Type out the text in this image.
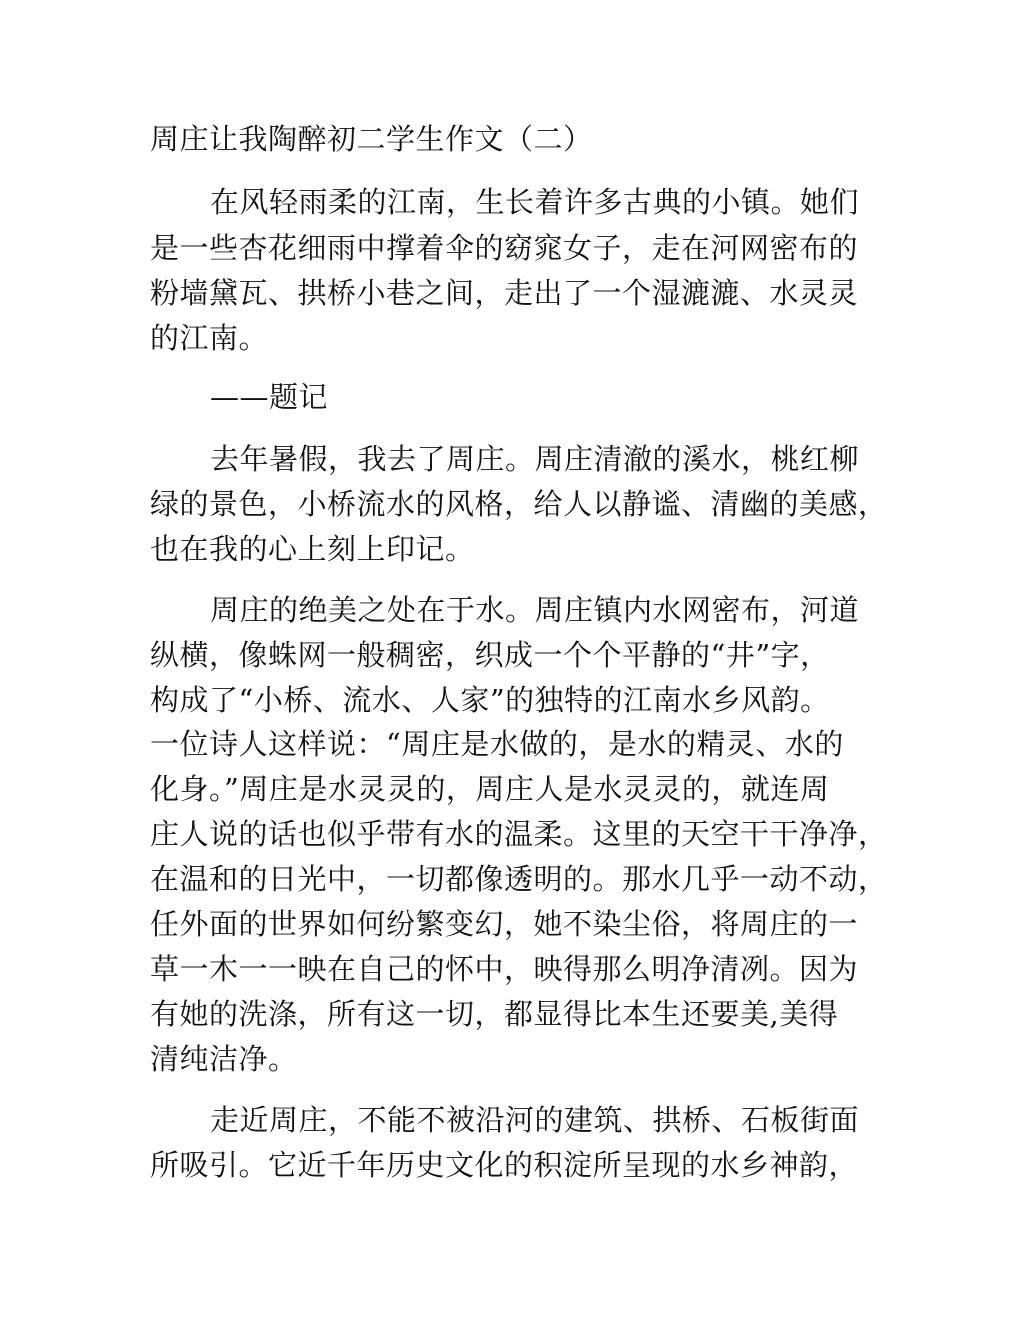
周庄让我陶醉初二学生作文（二）
在风轻雨柔的江南，生长着许多古典的小镇。她们
是一些杏花细雨中撑着伞的窈窕女子，走在河网密布的
粉墙黛瓦、拱桥小巷之间，走出了一个湿漉漉、水灵灵
的江南。
——题记
去年暑假，我去了周庄。周庄清澈的溪水，桃红柳
绿的景色，小桥流水的风格，给人以静谧、清幽的美感，
也在我的心上刻上印记。
周庄的绝美之处在于水。周庄镇内水网密布，河道
纵横，像蛛网一般稠密，织成一个个平静的“井”字，
构成了“小桥、流水、人家”的独特的江南水乡风韵。
一位诗人这样说：“周庄是水做的，是水的精灵、水的
化身。”周庄是水灵灵的，周庄人是水灵灵的，就连周
庄人说的话也似乎带有水的温柔。这里的天空干干净净，
在温和的日光中，一切都像透明的。那水几乎一动不动，
任外面的世界如何纷繁变幻，她不染尘俗，将周庄的一
草一木一一映在自己的怀中，映得那么明净清冽。因为
有她的洗涤，所有这一切，都显得比本生还要美,美得
清纯洁净。
走近周庄，不能不被沿河的建筑、拱桥、石板街面
所吸引。它近千年历史文化的积淀所呈现的水乡神韵，
